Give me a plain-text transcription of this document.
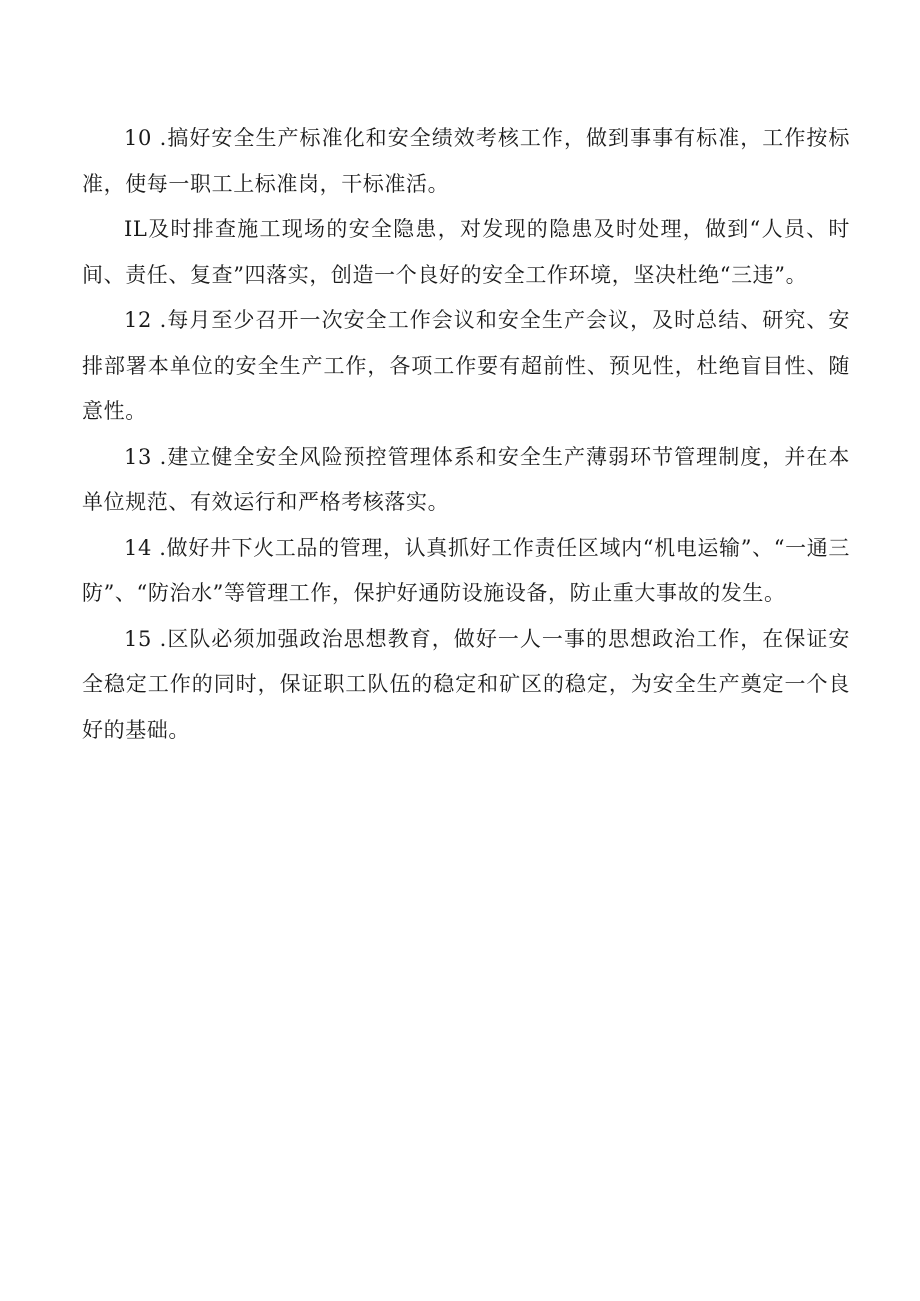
10 .搞好安全生产标准化和安全绩效考核工作，做到事事有标准，工作按标准，使每一职工上标准岗，干标准活。

IL及时排查施工现场的安全隐患，对发现的隐患及时处理，做到“人员、时间、责任、复查”四落实，创造一个良好的安全工作环境，坚决杜绝“三违”。

12 .每月至少召开一次安全工作会议和安全生产会议，及时总结、研究、安排部署本单位的安全生产工作，各项工作要有超前性、预见性，杜绝盲目性、随意性。

13 .建立健全安全风险预控管理体系和安全生产薄弱环节管理制度，并在本单位规范、有效运行和严格考核落实。

14 .做好井下火工品的管理，认真抓好工作责任区域内“机电运输”、“一通三防”、“防治水”等管理工作，保护好通防设施设备，防止重大事故的发生。

15 .区队必须加强政治思想教育，做好一人一事的思想政治工作，在保证安全稳定工作的同时，保证职工队伍的稳定和矿区的稳定，为安全生产奠定一个良好的基础。
